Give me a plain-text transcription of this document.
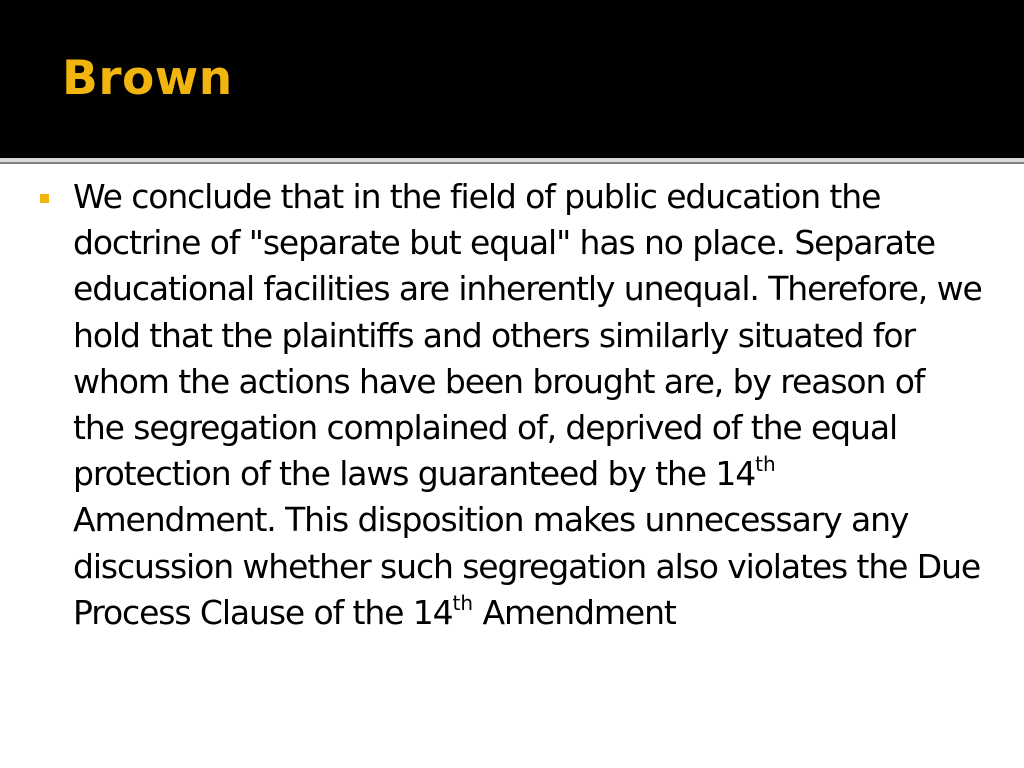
Brown
We conclude that in the field of public education the doctrine of "separate but equal" has no place. Separate educational facilities are inherently unequal. Therefore, we hold that the plaintiffs and others similarly situated for whom the actions have been brought are, by reason of the segregation complained of, deprived of the equal protection of the laws guaranteed by the 14th Amendment. This disposition makes unnecessary any discussion whether such segregation also violates the Due Process Clause of the 14th Amendment
